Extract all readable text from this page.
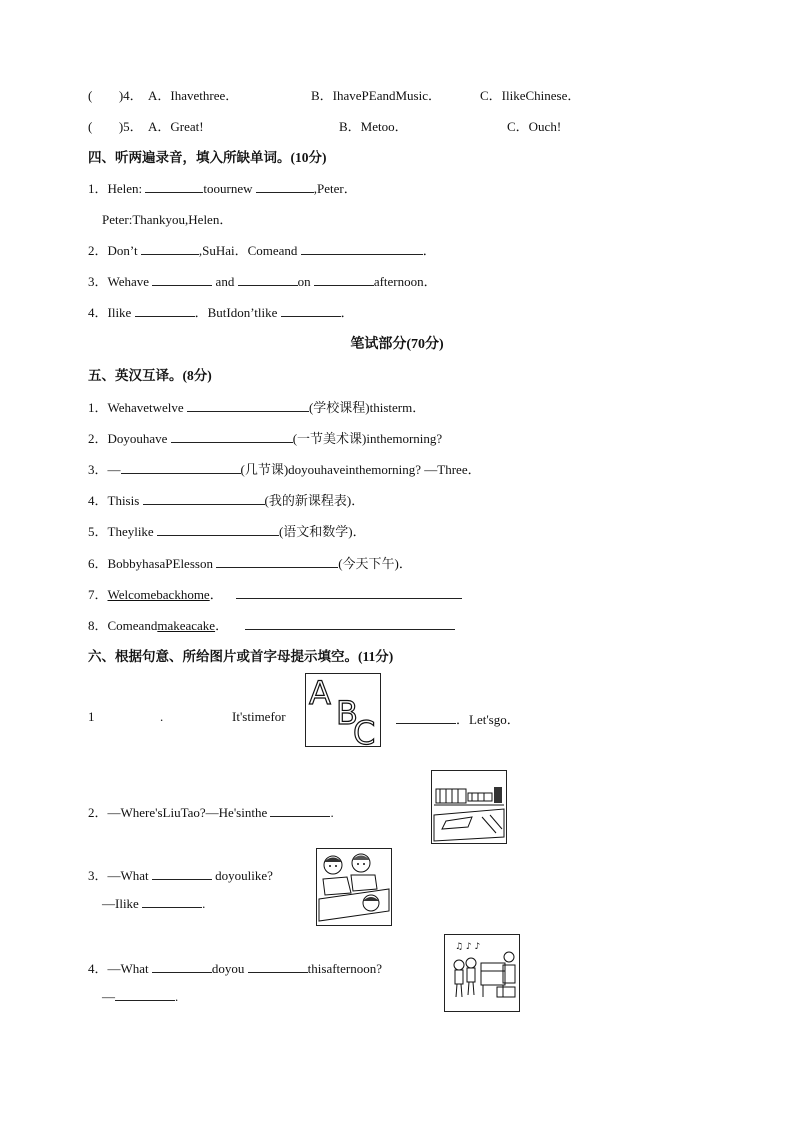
( )4． A．Ihavethree．	B．IhavePEandMusic．	C．IlikeChinese．
( )5． A．Great!	B．Metoo．	C．Ouch!
四、听两遍录音，填入所缺单词。(10分)
1．Helen:	toournew	,Peter．
Peter:Thankyou,Helen．
2．Don’t	,SuHai．Comeand	．
3．Wehave	and	on	afternoon．
4．Ilike	．ButIdon’tlike	．
笔试部分(70分)
五、英汉互译。(8分)
1．Wehavetwelve	(学校课程)thisterm．
2．Doyouhave	(一节美术课)inthemorning?
3．—	(几节课)doyouhaveinthemorning? —Three．
4．Thisis	(我的新课程表)．
5．Theylike	(语文和数学)．
6．BobbyhasaPElesson	(今天下午)．
7．Welcomebackhome．
8．Comeandmakeacake．
六、根据句意、所给图片或首字母提示填空。(11分)
1	.	It'stimefor
A
B
C	．Let'sgo．
2．—Where'sLiuTao?—He'sinthe	.
3．—What	doyoulike?
—Ilike	.
4．—What	doyou	thisafternoon?
—	.
♫ ♪ ♪
